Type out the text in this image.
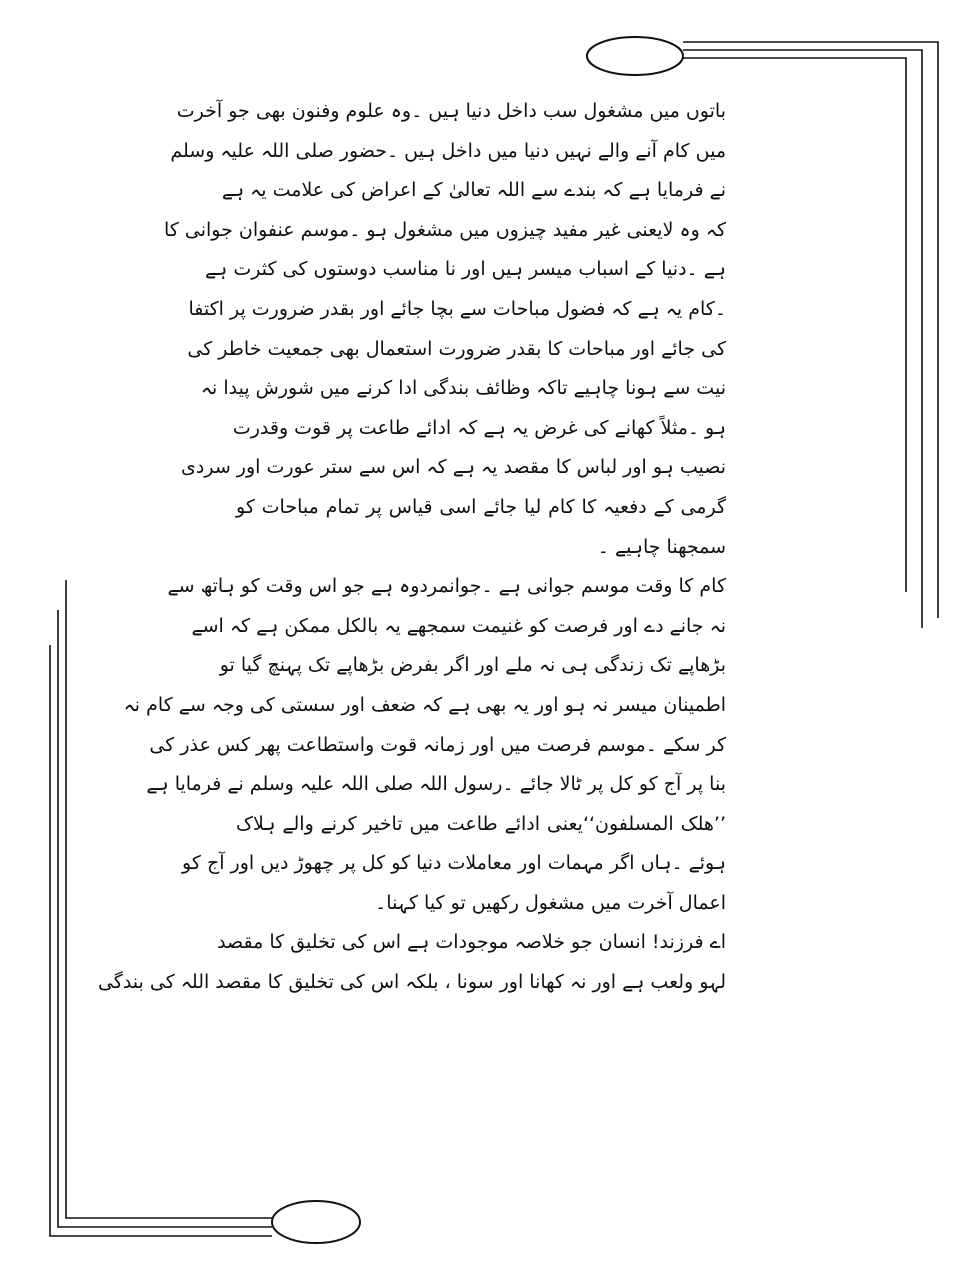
باتوں میں مشغول سب داخل دنیا ہیں ۔وہ علوم وفنون بھی جو آخرت
میں کام آنے والے نہیں دنیا میں داخل ہیں ۔حضور صلی اللہ علیہ وسلم
نے فرمایا ہے کہ بندے سے اللہ تعالیٰ کے اعراض کی علامت یہ ہے
کہ وہ لایعنی غیر مفید چیزوں میں مشغول ہو ۔موسم عنفوان جوانی کا
ہے ۔دنیا کے اسباب میسر ہیں اور نا مناسب دوستوں کی کثرت ہے
۔کام یہ ہے کہ فضول مباحات سے بچا جائے اور بقدر ضرورت پر اکتفا
کی جائے اور مباحات کا بقدر ضرورت استعمال بھی جمعیت خاطر کی
نیت سے ہونا چاہیے تاکہ وظائف بندگی ادا کرنے میں شورش پیدا نہ
ہو ۔مثلاً کھانے کی غرض یہ ہے کہ ادائے طاعت پر قوت وقدرت
نصیب ہو اور لباس کا مقصد یہ ہے کہ اس سے ستر عورت اور سردی
گرمی کے دفعیہ کا کام لیا جائے اسی قیاس پر تمام مباحات کو
سمجھنا چاہیے ۔
کام کا وقت موسم جوانی ہے ۔جوانمردوہ ہے جو اس وقت کو ہاتھ سے
نہ جانے دے اور فرصت کو غنیمت سمجھے یہ بالکل ممکن ہے کہ اسے
بڑھاپے تک زندگی ہی نہ ملے اور اگر بفرض بڑھاپے تک پہنچ گیا تو
اطمینان میسر نہ ہو اور یہ بھی ہے کہ ضعف اور سستی کی وجہ سے کام نہ
کر سکے ۔موسم فرصت میں اور زمانہ قوت واستطاعت پھر کس عذر کی
بنا پر آج کو کل پر ٹالا جائے ۔رسول اللہ صلی اللہ علیہ وسلم نے فرمایا ہے
’’ھلک المسلفون‘‘یعنی ادائے طاعت میں تاخیر کرنے والے ہلاک
ہوئے ۔ہاں اگر مہمات اور معاملات دنیا کو کل پر چھوڑ دیں اور آج کو
اعمال آخرت میں مشغول رکھیں تو کیا کہنا۔
اے فرزند! انسان جو خلاصہ موجودات ہے اس کی تخلیق کا مقصد
لہو ولعب ہے اور نہ کھانا اور سونا ، بلکہ اس کی تخلیق کا مقصد اللہ کی بندگی
